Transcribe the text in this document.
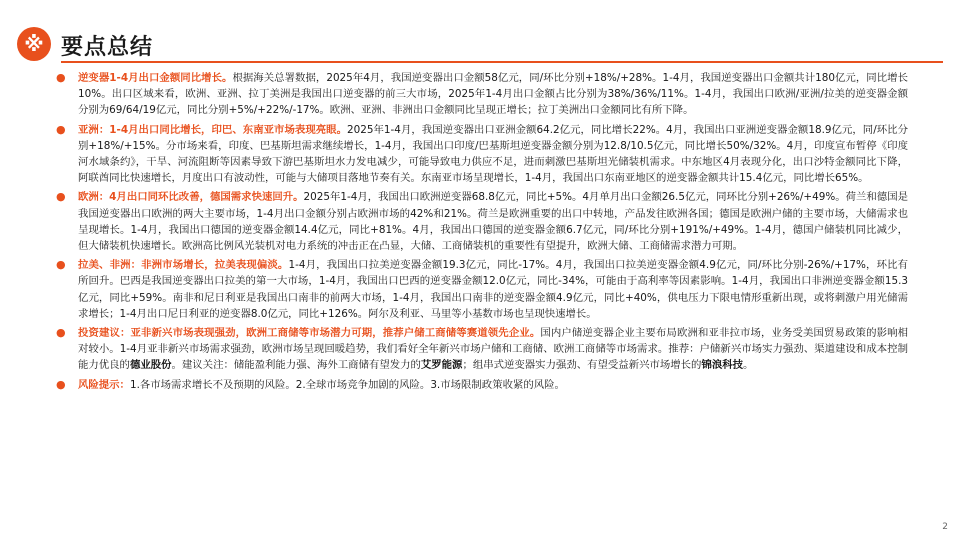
※ 要点总结
● 逆变器1-4月出口金额同比增长。根据海关总署数据，2025年4月，我国逆变器出口金额58亿元，同/环比分别+18%/+28%。1-4月，我国逆变器出口金额共计180亿元，同比增长10%。出口区域来看，欧洲、亚洲、拉丁美洲是我国出口逆变器的前三大市场，2025年1-4月出口金额占比分别为38%/36%/11%。1-4月，我国出口欧洲/亚洲/拉美的逆变器金额分别为69/64/19亿元，同比分别+5%/+22%/-17%。欧洲、亚洲、非洲出口金额同比呈现正增长；拉丁美洲出口金额同比有所下降。
● 亚洲：1-4月出口同比增长，印巴、东南亚市场表现亮眼。2025年1-4月，我国逆变器出口亚洲金额64.2亿元，同比增长22%。4月，我国出口亚洲逆变器金额18.9亿元，同/环比分别+18%/+15%。分市场来看，印度、巴基斯坦需求继续增长，1-4月，我国出口印度/巴基斯坦逆变器金额分别为12.8/10.5亿元，同比增长50%/32%。4月，印度宣布暂停《印度河水域条约》，干旱、河流阻断等因素导致下游巴基斯坦水力发电减少，可能导致电力供应不足，进而刺激巴基斯坦光储装机需求。中东地区4月表现分化，出口沙特金额同比下降，阿联酋同比快速增长，月度出口有波动性，可能与大储项目落地节奏有关。东南亚市场呈现增长，1-4月，我国出口东南亚地区的逆变器金额共计15.4亿元，同比增长65%。
● 欧洲：4月出口同环比改善，德国需求快速回升。2025年1-4月，我国出口欧洲逆变器68.8亿元，同比+5%。4月单月出口金额26.5亿元，同环比分别+26%/+49%。荷兰和德国是我国逆变器出口欧洲的两大主要市场，1-4月出口金额分别占欧洲市场的42%和21%。荷兰是欧洲重要的出口中转地，产品发往欧洲各国；德国是欧洲户储的主要市场，大储需求也呈现增长。1-4月，我国出口德国的逆变器金额14.4亿元，同比+81%。4月，我国出口德国的逆变器金额6.7亿元，同/环比分别+191%/+49%。1-4月，德国户储装机同比减少，但大储装机快速增长。欧洲高比例风光装机对电力系统的冲击正在凸显，大储、工商储装机的重要性有望提升，欧洲大储、工商储需求潜力可期。
● 拉美、非洲：非洲市场增长，拉美表现偏淡。1-4月，我国出口拉美逆变器金额19.3亿元，同比-17%。4月，我国出口拉美逆变器金额4.9亿元，同/环比分别-26%/+17%，环比有所回升。巴西是我国逆变器出口拉美的第一大市场，1-4月，我国出口巴西的逆变器金额12.0亿元，同比-34%，可能由于高利率等因素影响。1-4月，我国出口非洲逆变器金额15.3亿元，同比+59%。南非和尼日利亚是我国出口南非的前两大市场，1-4月，我国出口南非的逆变器金额4.9亿元，同比+40%，供电压力下限电情形重新出现，或将刺激户用光储需求增长；1-4月出口尼日利亚的逆变器8.0亿元，同比+126%。阿尔及利亚、马里等小基数市场也呈现快速增长。
● 投资建议：亚非新兴市场表现强劲，欧洲工商储等市场潜力可期，推荐户储工商储等赛道领先企业。国内户储逆变器企业主要布局欧洲和亚非拉市场，业务受美国贸易政策的影响相对较小。1-4月亚非新兴市场需求强劲，欧洲市场呈现回暖趋势，我们看好全年新兴市场户储和工商储、欧洲工商储等市场需求。推荐：户储新兴市场实力强劲、渠道建设和成本控制能力优良的德业股份。建议关注：储能盈利能力强、海外工商储有望发力的艾罗能源；组串式逆变器实力强劲、有望受益新兴市场增长的锦浪科技。
● 风险提示：1.各市场需求增长不及预期的风险。2.全球市场竞争加剧的风险。3.市场限制政策收紧的风险。
2
